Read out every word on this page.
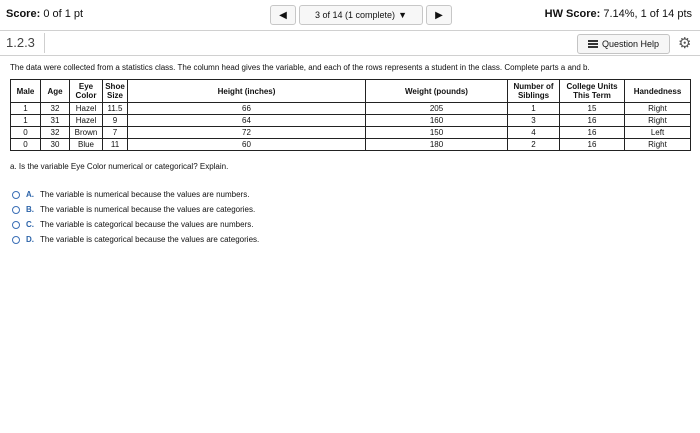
Score: 0 of 1 pt	◀	3 of 14 (1 complete) ▼	▶	HW Score: 7.14%, 1 of 14 pts
1.2.3	Question Help ⚙
The data were collected from a statistics class. The column head gives the variable, and each of the rows represents a student in the class. Complete parts a and b.
Male	Age	Eye Color	Shoe Size	Height (inches)	Weight (pounds)	Number of Siblings	College Units This Term	Handedness
1	32	Hazel	11.5	66	205	1	15	Right
1	31	Hazel	9	64	160	3	16	Right
0	32	Brown	7	72	150	4	16	Left
0	30	Blue	11	60	180	2	16	Right
a. Is the variable Eye Color numerical or categorical? Explain.
A. The variable is numerical because the values are numbers.
B. The variable is numerical because the values are categories.
C. The variable is categorical because the values are numbers.
D. The variable is categorical because the values are categories.
